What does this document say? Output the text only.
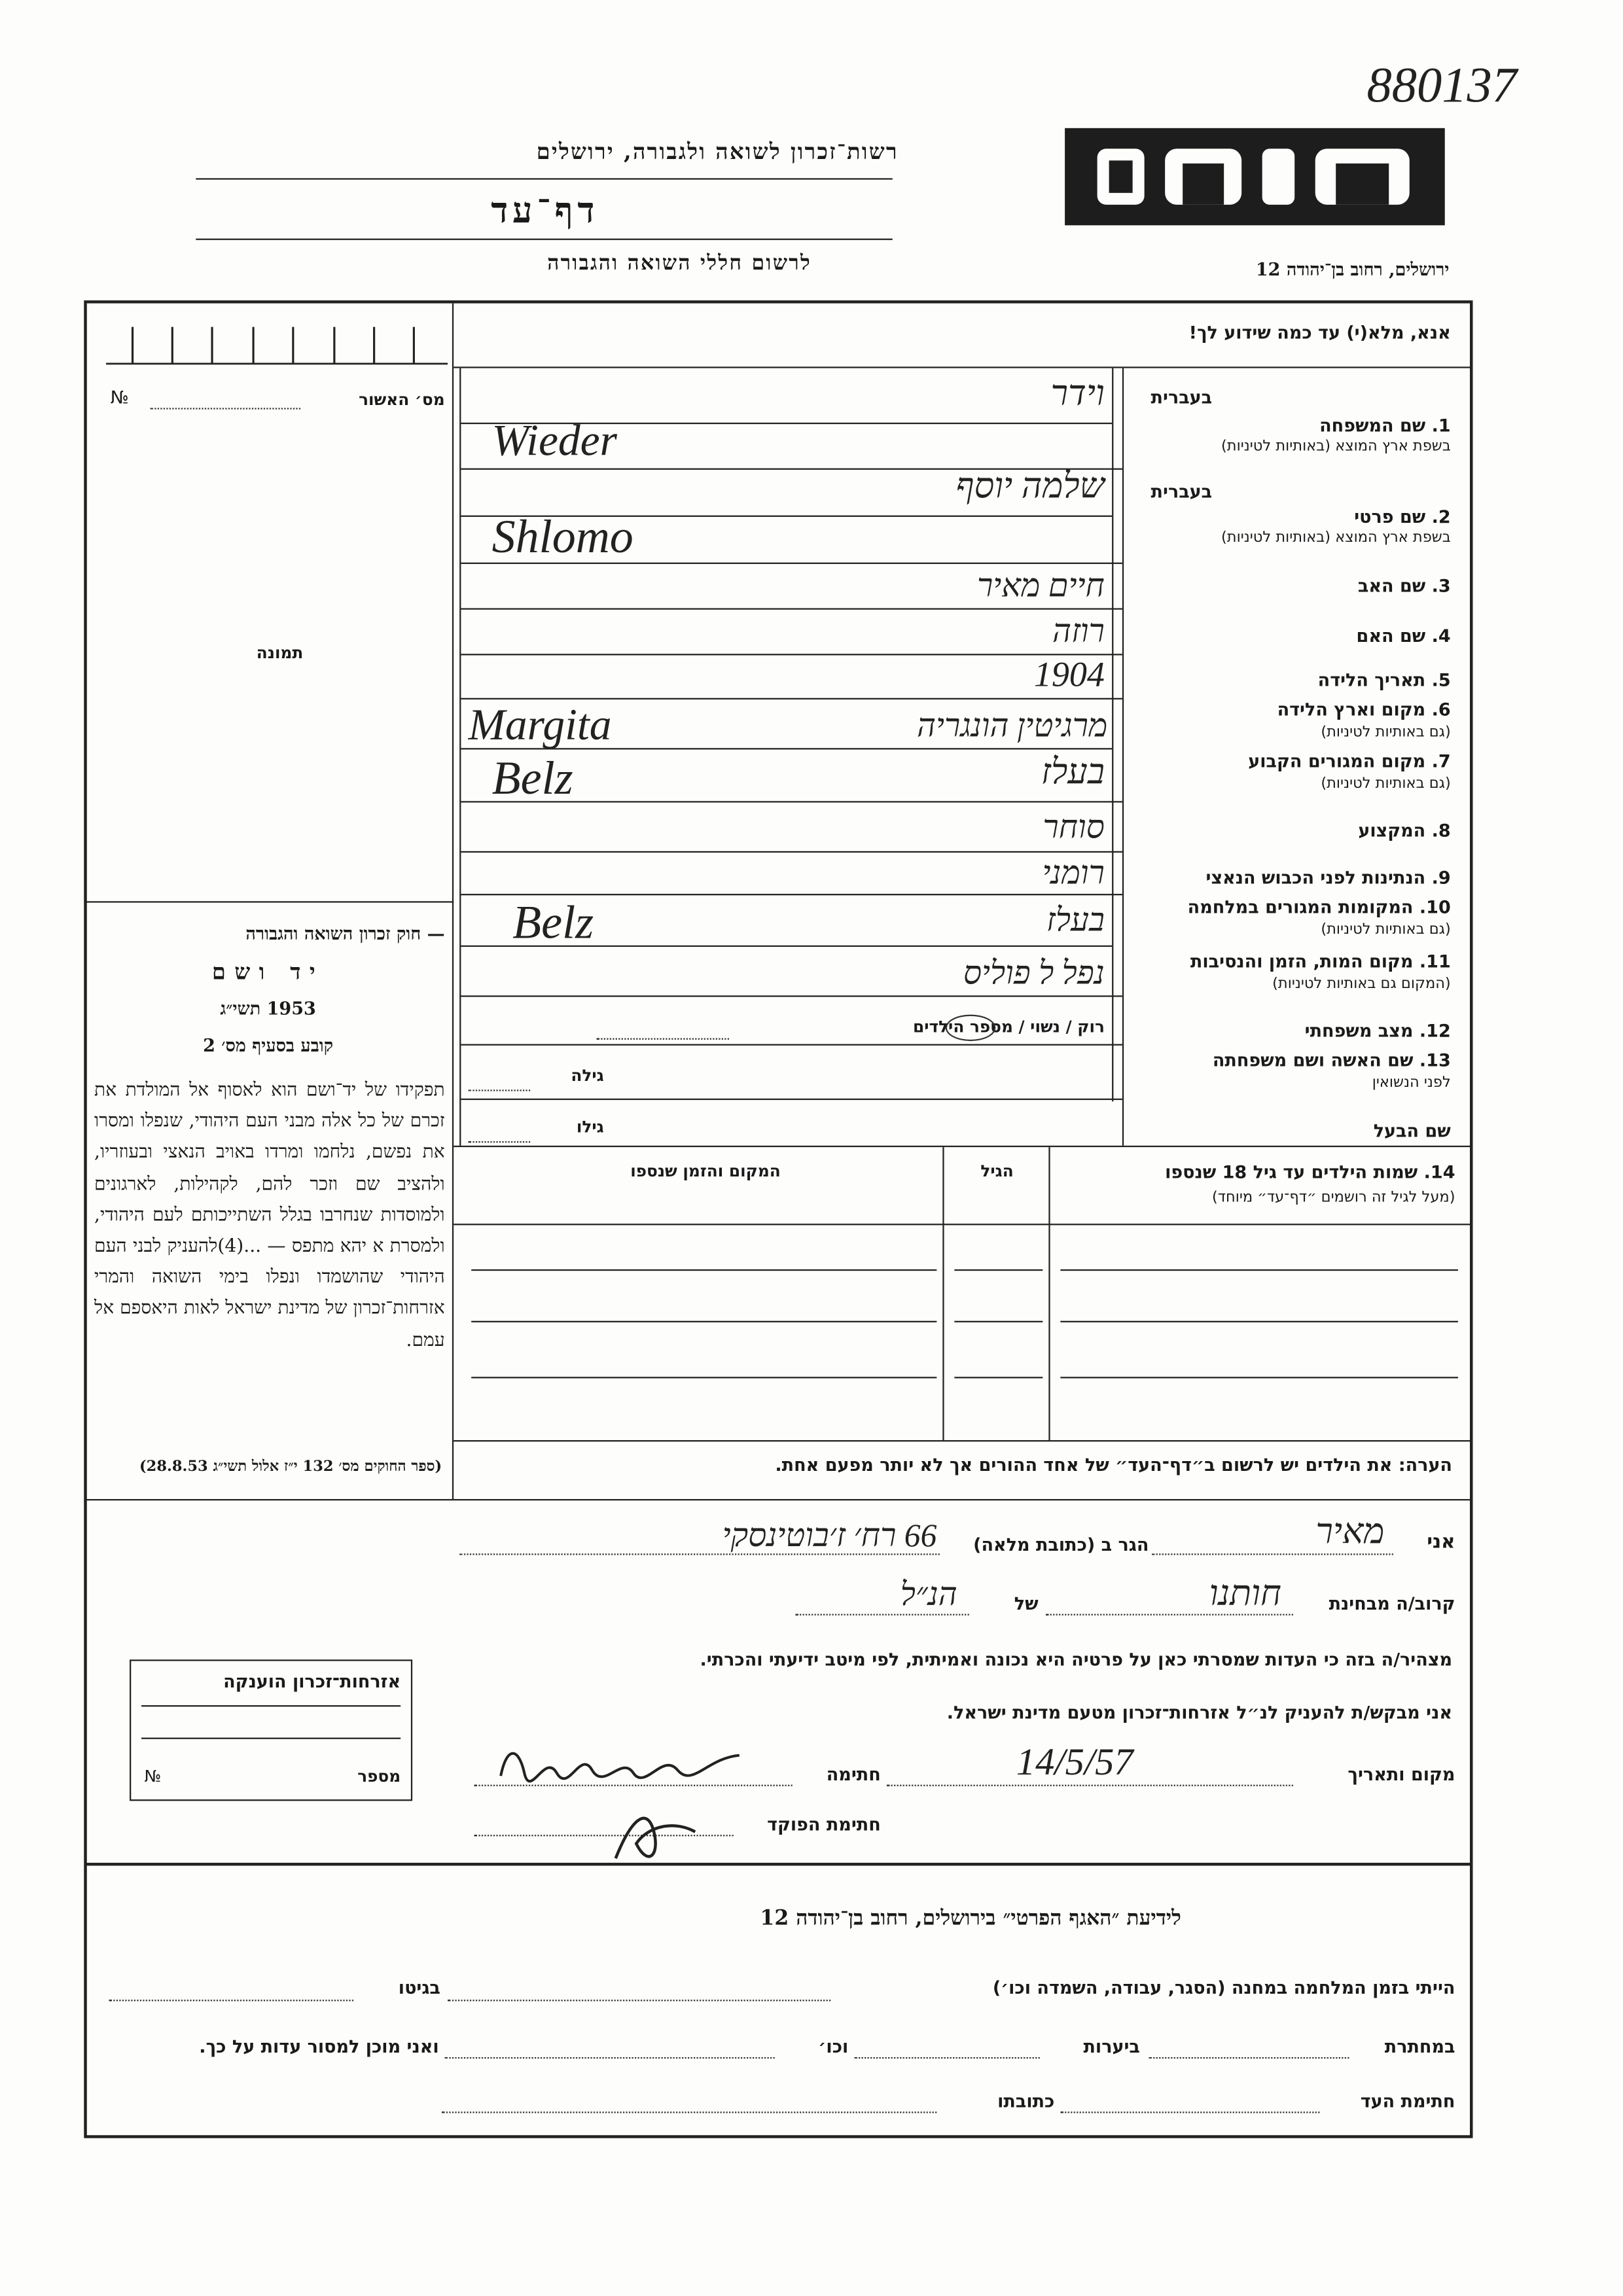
880137
רשות־זכרון לשואה ולגבורה, ירושלים
דף־עד
לרשום חללי השואה והגבורה	ירושלים, רחוב בן־יהודה 12
מס׳ האשור
№
תמונה
— חוק זכרון השואה והגבורה
יד ושם
1953 תשי״ג
קובע בסעיף מס׳ 2
תפקידו של יד־ושם הוא לאסוף אל המולדת את זכרם של כל אלה מבני העם היהודי, שנפלו ומסרו את נפשם, נלחמו ומרדו באויב הנאצי ובעוזריו, ולהציב שם וזכר להם, לקהילות, לארגונים ולמוסדות שנחרבו בגלל השתייכותם לעם היהודי, ולמסרת א יהא מתפס — ...(4)להעניק לבני העם היהודי שהושמדו ונפלו בימי השואה והמרי אזרחות־זכרון של מדינת ישראל לאות היאספם אל עמם.
(ספר החוקים מס׳ 132 י״ז אלול תשי״ג 28.8.53)
אנא, מלא(י) עד כמה שידוע לך!
בעברית
1. שם המשפחה
בשפת ארץ המוצא (באותיות לטיניות)
בעברית
2. שם פרטי
בשפת ארץ המוצא (באותיות לטיניות)
3. שם האב
4. שם האם
5. תאריך הלידה
6. מקום וארץ הלידה
(גם באותיות לטיניות)
7. מקום המגורים הקבוע
(גם באותיות לטיניות)
8. המקצוע
9. הנתינות לפני הכבוש הנאצי
10. המקומות המגורים במלחמה
(גם באותיות לטיניות)
11. מקום המות, הזמן והנסיבות
(המקום גם באותיות לטיניות)
12. מצב משפחתי
13. שם האשה ושם משפחתה
לפני הנשואין
שם הבעל
וידר
Wieder
שלמה יוסף
Shlomo
חיים מאיר
רוזה
1904
מרגיטין הונגריה
Margita
בעלז
Belz
סוחר
רומני
בעלז
Belz
נפל ל פוליס
רוק / נשוי / מספר הילדים
גילה
גילו
14. שמות הילדים עד גיל 18 שנספו
(מעל לגיל זה רושמים ״דף־עד״ מיוחד)
הגיל
המקום והזמן שנספו
הערה: את הילדים יש לרשום ב״דף־העד״ של אחד ההורים אך לא יותר מפעם אחת.
אני
מאיר
הגר ב (כתובת מלאה)
66 רח׳ ז׳בוטינסקי
קרוב/ה מבחינת
חותנו
של
הנ״ל
מצהיר/ה בזה כי העדות שמסרתי כאן על פרטיה היא נכונה ואמיתית, לפי מיטב ידיעתי והכרתי.
אני מבקש/ת להעניק לנ״ל אזרחות־זכרון מטעם מדינת ישראל.
מקום ותאריך
14/5/57
חתימה
חתימת הפוקד
אזרחות־זכרון הוענקה
מספר
№
לידיעת ״האגף הפרטי״ בירושלים, רחוב בן־יהודה 12
הייתי בזמן המלחמה במחנה (הסגר, עבודה, השמדה וכו׳)
בגיטו
במחתרת
ביערות
וכו׳
ואני מוכן למסור עדות על כך.
חתימת העד
כתובתו
